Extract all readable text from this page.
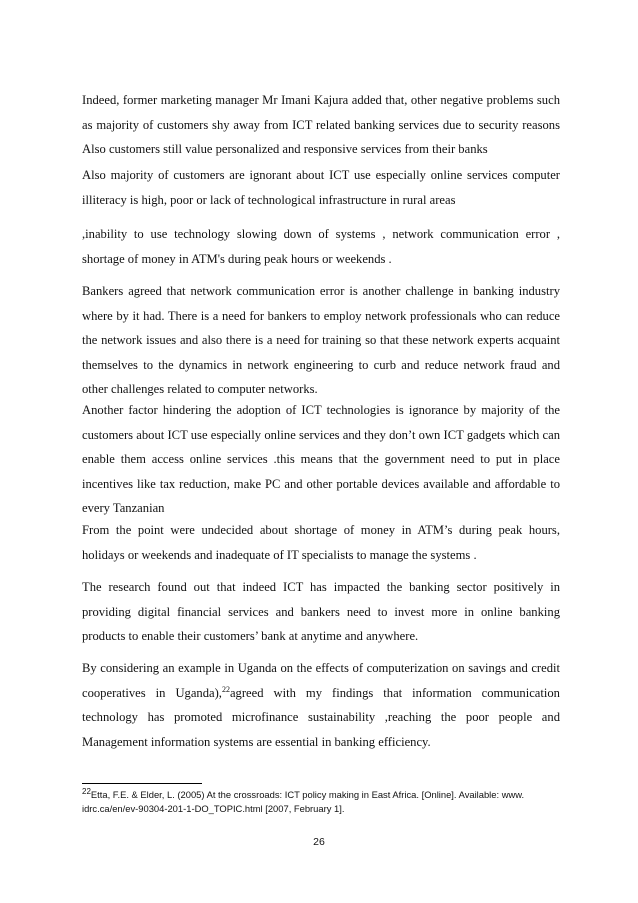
Indeed, former marketing manager Mr Imani Kajura added that, other negative problems such as majority of customers shy away from ICT related banking services due to security reasons Also customers still value personalized and responsive services from their banks

Also majority of customers are ignorant about ICT use especially online services computer illiteracy is high, poor or lack of technological infrastructure in rural areas

,inability to use technology slowing down of systems , network communication error , shortage of money in ATM's during peak hours or weekends .

Bankers agreed that network communication error is another challenge in banking industry where by it had. There is a need for bankers to employ network professionals who can reduce the network issues and also there is a need for training so that these network experts acquaint themselves to the dynamics in network engineering to curb and reduce network fraud and other challenges related to computer networks.

Another factor hindering the adoption of ICT technologies is ignorance by majority of the customers about ICT use especially online services and they don’t own ICT gadgets which can enable them access online services .this means that the government need to put in place incentives like tax reduction, make PC and other portable devices available and affordable to every Tanzanian

From the point were undecided about shortage of money in ATM’s during peak hours, holidays or weekends and inadequate of IT specialists to manage the systems .

The research found out that indeed ICT has impacted the banking sector positively in providing digital financial services and bankers need to invest more in online banking products to enable their customers’ bank at anytime and anywhere.

By considering an example in Uganda on the effects of computerization on savings and credit cooperatives in Uganda),$^{22}$agreed with my findings that information communication technology has promoted microfinance sustainability ,reaching the poor people and Management information systems are essential in banking efficiency.

$^{22}$Etta, F.E. & Elder, L. (2005) At the crossroads: ICT policy making in East Africa. [Online]. Available: www. idrc.ca/en/ev-90304-201-1-DO_TOPIC.html [2007, February 1].
26
